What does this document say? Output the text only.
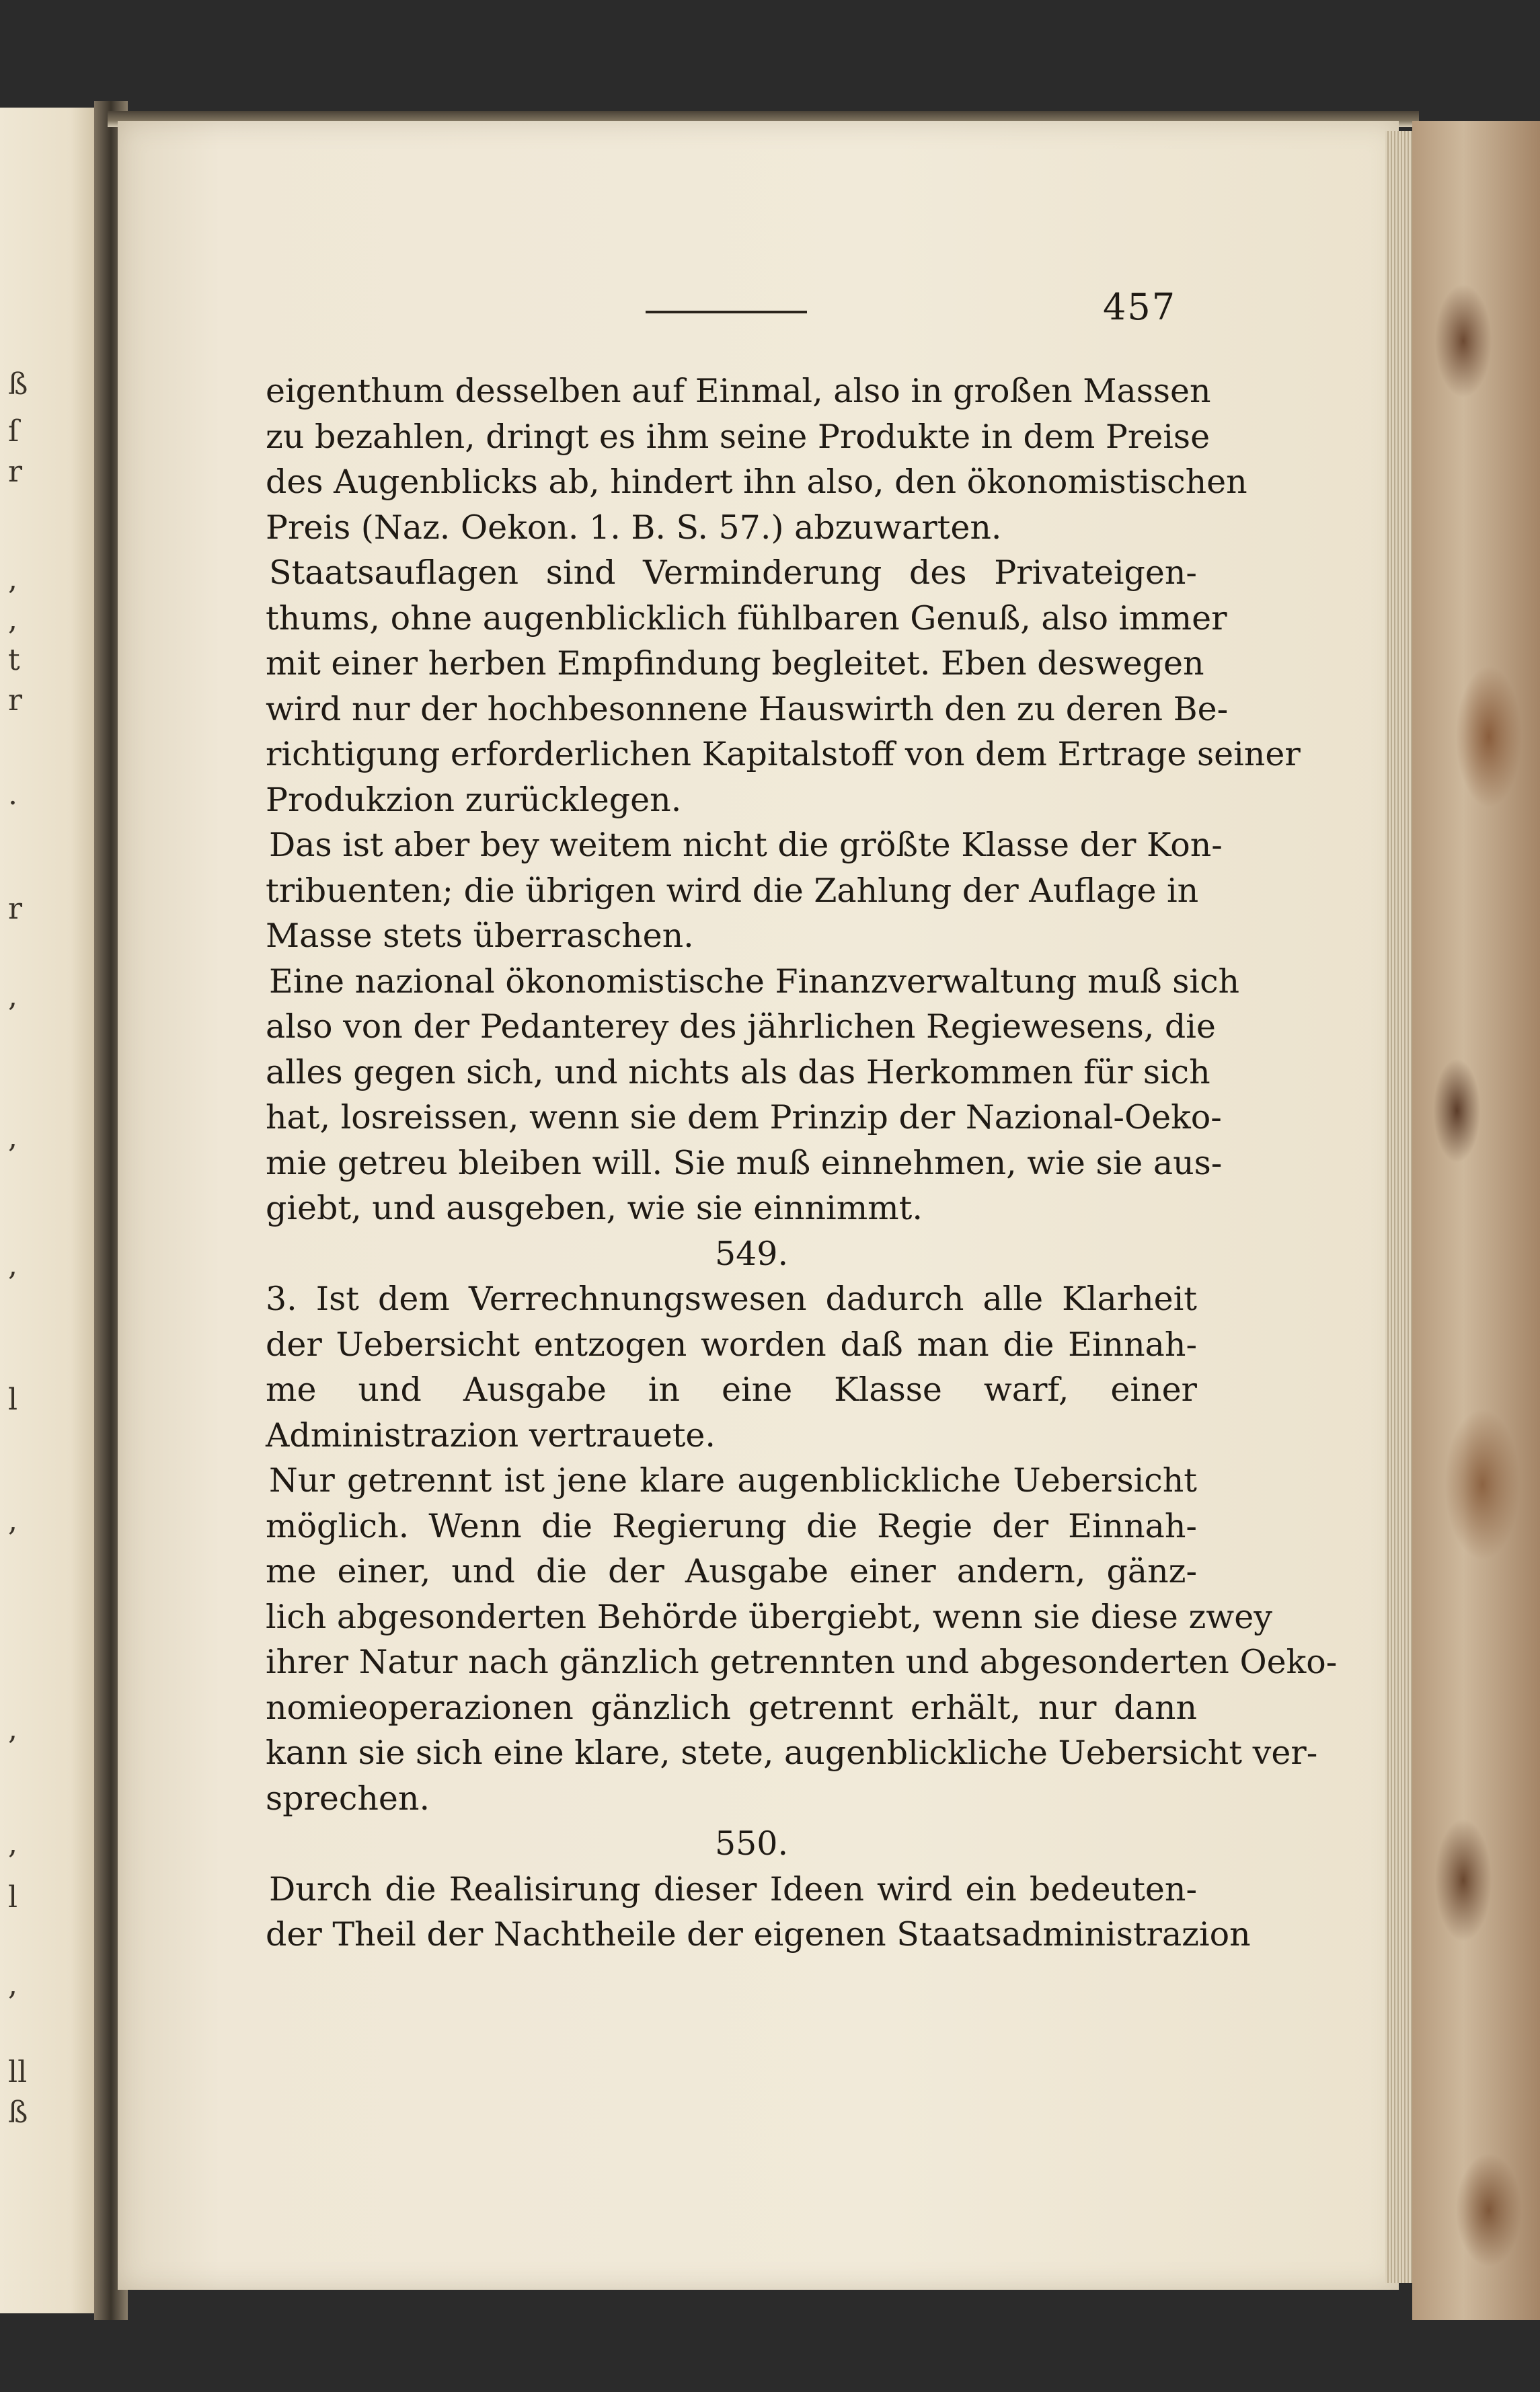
ß
ſ
r
,
,
t
r
.
r
,
,
,
l
,
,
,
l
,
ll
ß
457
eigenthum desselben auf Einmal, also in großen Massen
zu bezahlen, dringt es ihm seine Produkte in dem Preise
des Augenblicks ab, hindert ihn also, den ökonomistischen
Preis (Naz. Oekon. 1. B. S. 57.) abzuwarten.
Staatsauflagen sind Verminderung des Privateigen-
thums, ohne augenblicklich fühlbaren Genuß, also immer
mit einer herben Empfindung begleitet. Eben deswegen
wird nur der hochbesonnene Hauswirth den zu deren Be-
richtigung erforderlichen Kapitalstoff von dem Ertrage seiner
Produkzion zurücklegen.
Das ist aber bey weitem nicht die größte Klasse der Kon-
tribuenten; die übrigen wird die Zahlung der Auflage in
Masse stets überraschen.
Eine nazional ökonomistische Finanzverwaltung muß sich
also von der Pedanterey des jährlichen Regiewesens, die
alles gegen sich, und nichts als das Herkommen für sich
hat, losreissen, wenn sie dem Prinzip der Nazional-Oeko-
mie getreu bleiben will. Sie muß einnehmen, wie sie aus-
giebt, und ausgeben, wie sie einnimmt.
549.
3. Ist dem Verrechnungswesen dadurch alle Klarheit
der Uebersicht entzogen worden daß man die Einnah-
me und Ausgabe in eine Klasse warf, einer
Administrazion vertrauete.
Nur getrennt ist jene klare augenblickliche Uebersicht
möglich. Wenn die Regierung die Regie der Einnah-
me einer, und die der Ausgabe einer andern, gänz-
lich abgesonderten Behörde übergiebt, wenn sie diese zwey
ihrer Natur nach gänzlich getrennten und abgesonderten Oeko-
nomieoperazionen gänzlich getrennt erhält, nur dann
kann sie sich eine klare, stete, augenblickliche Uebersicht ver-
sprechen.
550.
Durch die Realisirung dieser Ideen wird ein bedeuten-
der Theil der Nachtheile der eigenen Staatsadministrazion
